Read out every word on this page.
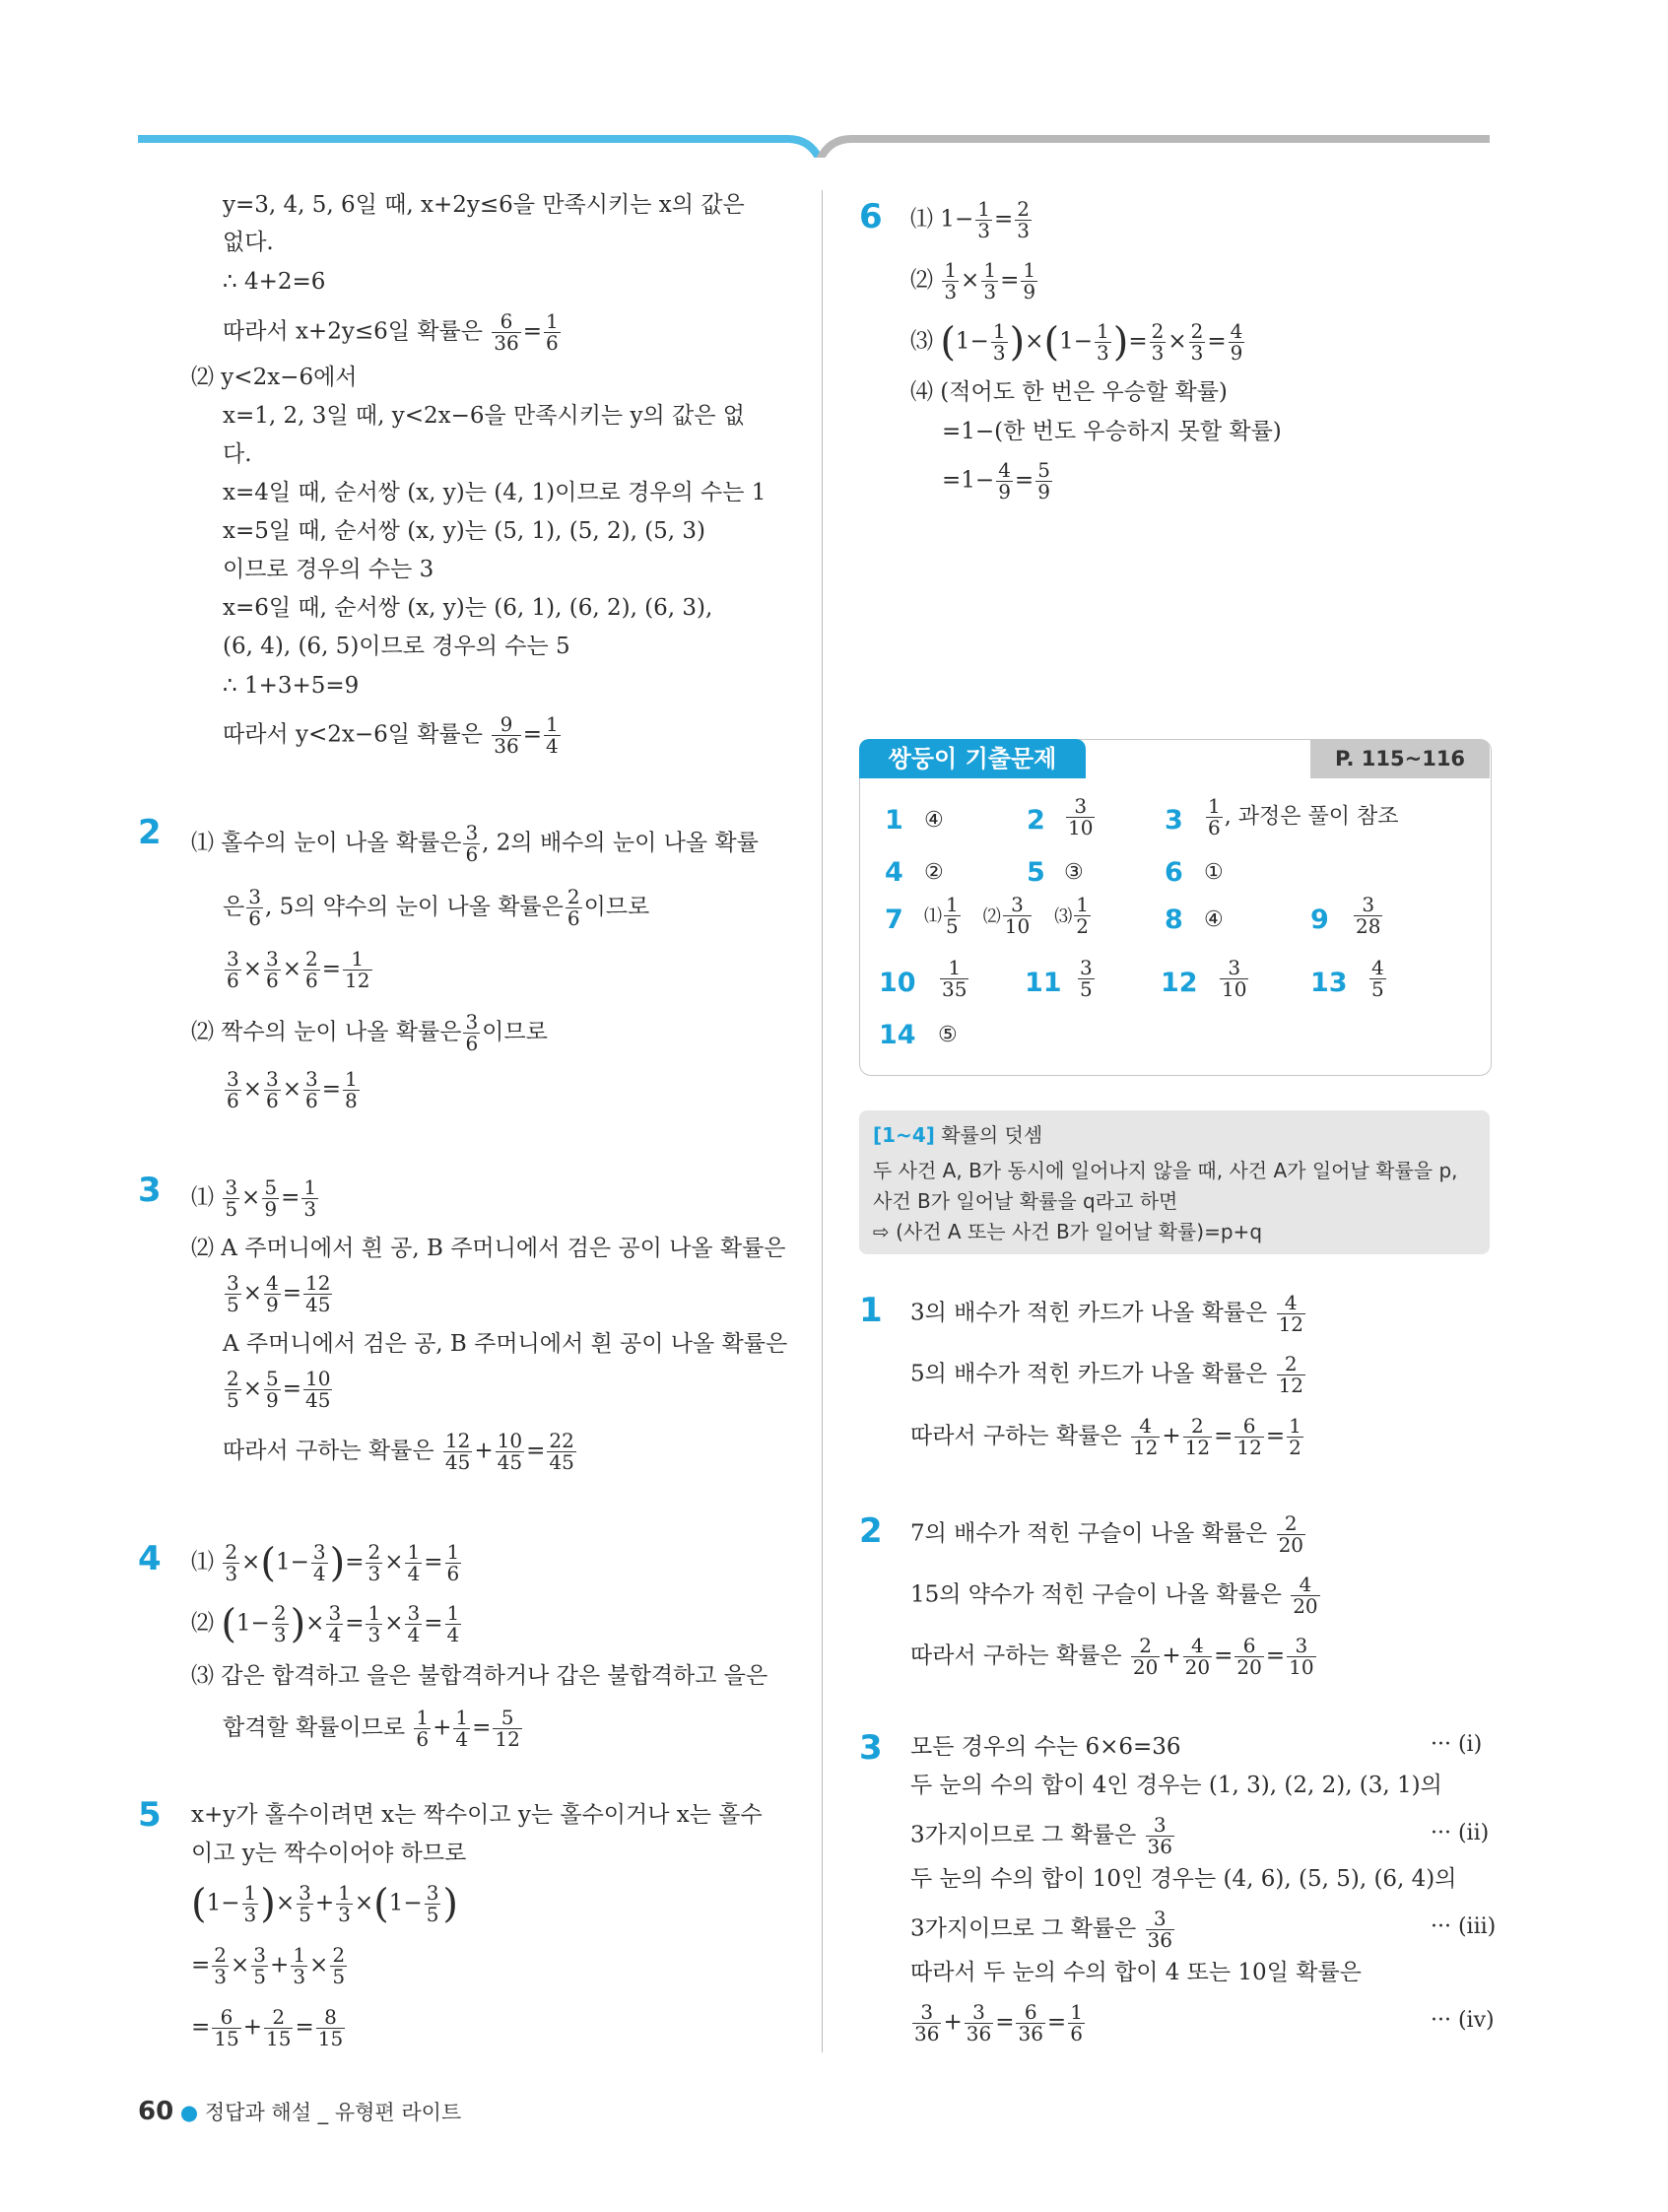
y=3, 4, 5, 6일 때, x+2y≤6을 만족시키는 x의 값은
없다.
∴ 4+2=6
따라서 x+2y≤6일 확률은 $\frac{6}{36} = \frac{1}{6}$
⑵ y<2x−6에서
x=1, 2, 3일 때, y<2x−6을 만족시키는 y의 값은 없
다.
x=4일 때, 순서쌍 (x, y)는 (4, 1)이므로 경우의 수는 1
x=5일 때, 순서쌍 (x, y)는 (5, 1), (5, 2), (5, 3)
이므로 경우의 수는 3
x=6일 때, 순서쌍 (x, y)는 (6, 1), (6, 2), (6, 3),
(6, 4), (6, 5)이므로 경우의 수는 5
∴ 1+3+5=9
따라서 y<2x−6일 확률은 $\frac{9}{36} = \frac{1}{4}$
2 ⑴ 홀수의 눈이 나올 확률은 $\frac{3}{6}$ , 2의 배수의 눈이 나올 확률
은 $\frac{3}{6}$ , 5의 약수의 눈이 나올 확률은 $\frac{2}{6}$ 이므로
$\frac{3}{6} \times \frac{3}{6} \times \frac{2}{6} = \frac{1}{12}$
⑵ 짝수의 눈이 나올 확률은 $\frac{3}{6}$ 이므로
$\frac{3}{6} \times \frac{3}{6} \times \frac{3}{6} = \frac{1}{8}$
3 ⑴ $\frac{3}{5} \times \frac{5}{9} = \frac{1}{3}$
⑵ A 주머니에서 흰 공, B 주머니에서 검은 공이 나올 확률은
$\frac{3}{5} \times \frac{4}{9} = \frac{12}{45}$
A 주머니에서 검은 공, B 주머니에서 흰 공이 나올 확률은
$\frac{2}{5} \times \frac{5}{9} = \frac{10}{45}$
따라서 구하는 확률은 $\frac{12}{45} + \frac{10}{45} = \frac{22}{45}$
4 ⑴ $\frac{2}{3} \times(1- \frac{3}{4}$ )= $\frac{2}{3} \times \frac{1}{4} = \frac{1}{6}$
⑵ ($1- \frac{2}{3}$ )× $\frac{3}{4} = \frac{1}{3} \times \frac{3}{4} = \frac{1}{4}$
⑶ 갑은 합격하고 을은 불합격하거나 갑은 불합격하고 을은
합격할 확률이므로 $\frac{1}{6} + \frac{1}{4} = \frac{5}{12}$
5 x+y가 홀수이려면 x는 짝수이고 y는 홀수이거나 x는 홀수
이고 y는 짝수이어야 하므로
($1- \frac{1}{3}$ )× $\frac{3}{5} + \frac{1}{3} \times(1- \frac{3}{5}$ )
= $\frac{2}{3} \times \frac{3}{5} + \frac{1}{3} \times \frac{2}{5}$
= $\frac{6}{15} + \frac{2}{15} = \frac{8}{15}$
6 ⑴ $1- \frac{1}{3} = \frac{2}{3}$
⑵ $\frac{1}{3} \times \frac{1}{3} = \frac{1}{9}$
⑶ $(1- \frac{1}{3} )\times(1- \frac{1}{3}$ )= $\frac{2}{3} \times \frac{2}{3} = \frac{4}{9}$
⑷ (적어도 한 번은 우승할 확률)
=1−(한 번도 우승하지 못할 확률)
$=1- \frac{4}{9} = \frac{5}{9}$
쌍둥이 기출문제	P. 115~116
1 ④	$2 \frac{3}{10}$	$3 \frac{1}{6}$ , 과정은 풀이 참조
4 ②	5 ③	6 ①
7 ⑴ $\frac{1}{5}$ ⑵ $\frac{3}{10}$ ⑶ $\frac{1}{2}$	8 ④	$9 \frac{3}{28}$
$10 \frac{1}{35} 11 \frac{3}{5} 12 \frac{3}{10} 13 \frac{4}{5}$
14 ⑤
[1~4] 확률의 덧셈
두 사건 A, B가 동시에 일어나지 않을 때, 사건 A가 일어날 확률을 p,
사건 B가 일어날 확률을 q라고 하면
⇨ (사건 A 또는 사건 B가 일어날 확률)=p+q
1 3의 배수가 적힌 카드가 나올 확률은 $\frac{4}{12}$
5의 배수가 적힌 카드가 나올 확률은 $\frac{2}{12}$
따라서 구하는 확률은 $\frac{4}{12} + \frac{2}{12} = \frac{6}{12} = \frac{1}{2}$
2 7의 배수가 적힌 구슬이 나올 확률은 $\frac{2}{20}$
15의 약수가 적힌 구슬이 나올 확률은 $\frac{4}{20}$
따라서 구하는 확률은 $\frac{2}{20} + \frac{4}{20} = \frac{6}{20} = \frac{3}{10}$
3 모든 경우의 수는 6×6=36	··· (i)
두 눈의 수의 합이 4인 경우는 (1, 3), (2, 2), (3, 1)의
3가지이므로 그 확률은 $\frac{3}{36}$	··· (ii)
두 눈의 수의 합이 10인 경우는 (4, 6), (5, 5), (6, 4)의
3가지이므로 그 확률은 $\frac{3}{36}$	··· (iii)
따라서 두 눈의 수의 합이 4 또는 10일 확률은
$\frac{3}{36} + \frac{3}{36} = \frac{6}{36} = \frac{1}{6}$	··· (iv)
60 ● 정답과 해설 _ 유형편 라이트
